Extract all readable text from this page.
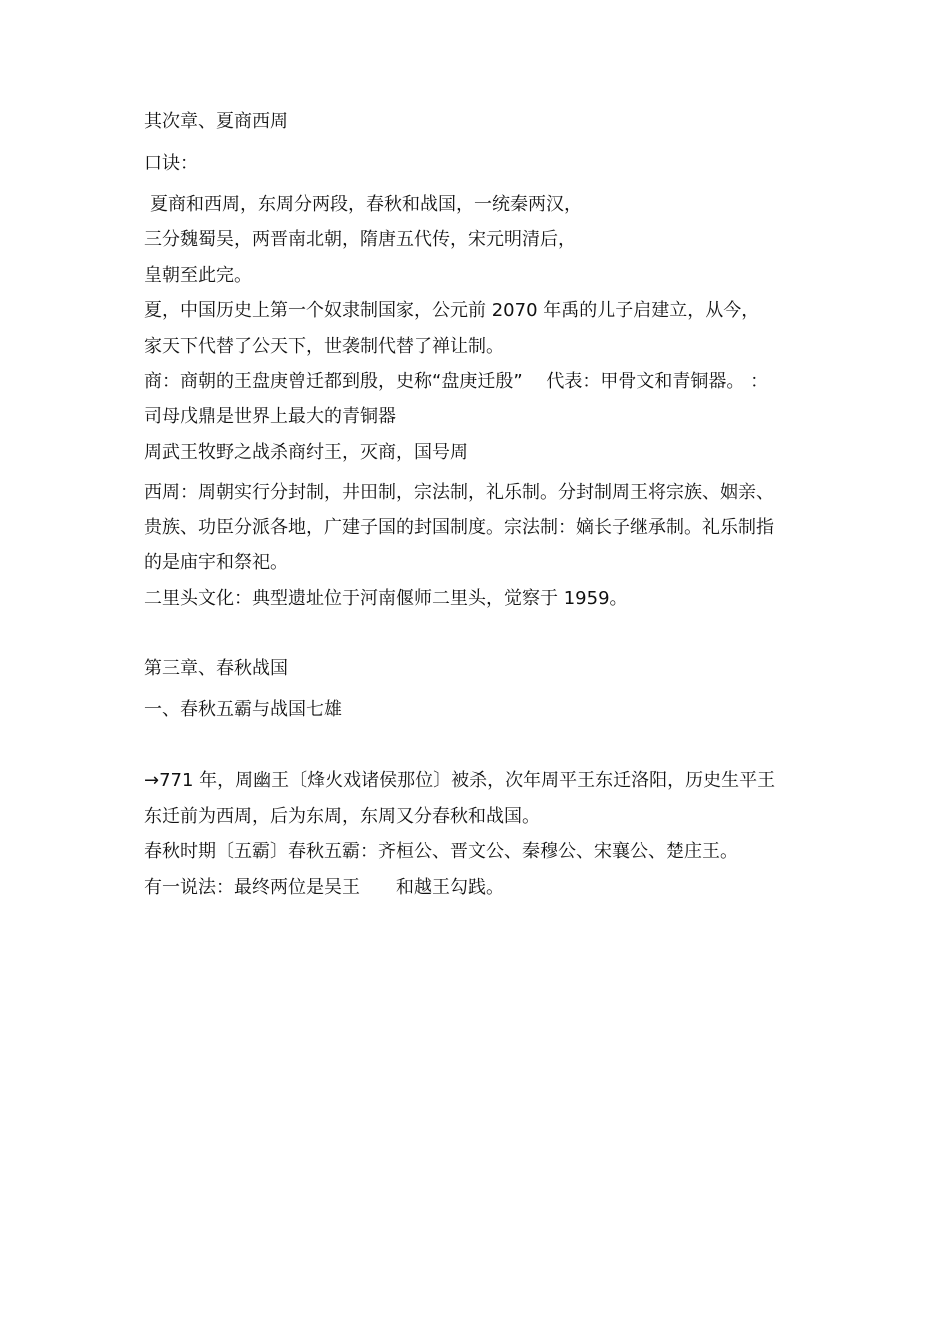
其次章、夏商西周
口诀：
夏商和西周，东周分两段，春秋和战国，一统秦两汉，
三分魏蜀吴，两晋南北朝，隋唐五代传，宋元明清后，
皇朝至此完。
夏，中国历史上第一个奴隶制国家，公元前 2070 年禹的儿子启建立，从今，
家天下代替了公天下，世袭制代替了禅让制。
商：商朝的王盘庚曾迁都到殷，史称“盘庚迁殷”　 代表：甲骨文和青铜器。 ：
司母戊鼎是世界上最大的青铜器
周武王牧野之战杀商纣王，灭商，国号周
西周：周朝实行分封制，井田制，宗法制，礼乐制。分封制周王将宗族、姻亲、
贵族、功臣分派各地，广建子国的封国制度。宗法制：嫡长子继承制。礼乐制指
的是庙宇和祭祀。
二里头文化：典型遗址位于河南偃师二里头，觉察于 1959。
第三章、春秋战国
一、春秋五霸与战国七雄
→771 年，周幽王〔烽火戏诸侯那位〕被杀，次年周平王东迁洛阳，历史生平王
东迁前为西周，后为东周，东周又分春秋和战国。
春秋时期〔五霸〕春秋五霸：齐桓公、晋文公、秦穆公、宋襄公、楚庄王。
有一说法：最终两位是吴王　　和越王勾践。
